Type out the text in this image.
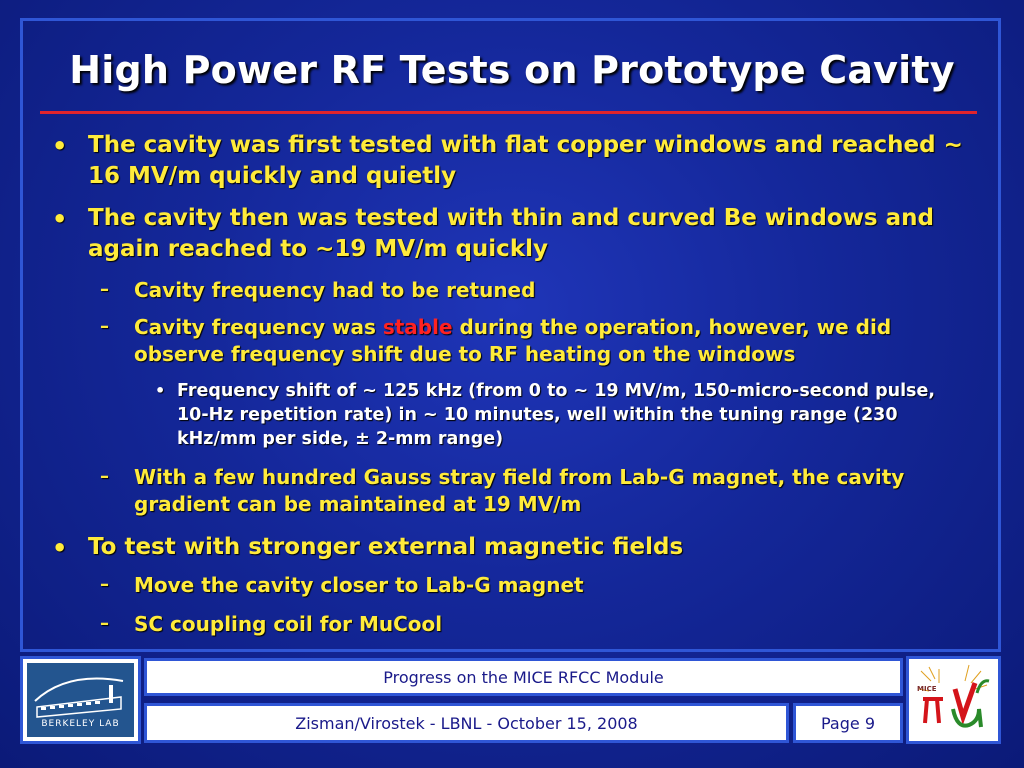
High Power RF Tests on Prototype Cavity
• The cavity was first tested with flat copper windows and reached ~ 16 MV/m quickly and quietly
• The cavity then was tested with thin and curved Be windows and again reached to ~19 MV/m quickly
– Cavity frequency had to be retuned
– Cavity frequency was stable during the operation, however, we did observe frequency shift due to RF heating on the windows
• Frequency shift of ~ 125 kHz (from 0 to ~ 19 MV/m, 150-micro-second pulse, 10-Hz repetition rate) in ~ 10 minutes, well within the tuning range (230 kHz/mm per side, ± 2-mm range)
– With a few hundred Gauss stray field from Lab-G magnet, the cavity gradient can be maintained at 19 MV/m
• To test with stronger external magnetic fields
– Move the cavity closer to Lab-G magnet
– SC coupling coil for MuCool
BERKELEY LAB
Progress on the MICE RFCC Module
Zisman/Virostek - LBNL - October 15, 2008	Page 9
MICE
